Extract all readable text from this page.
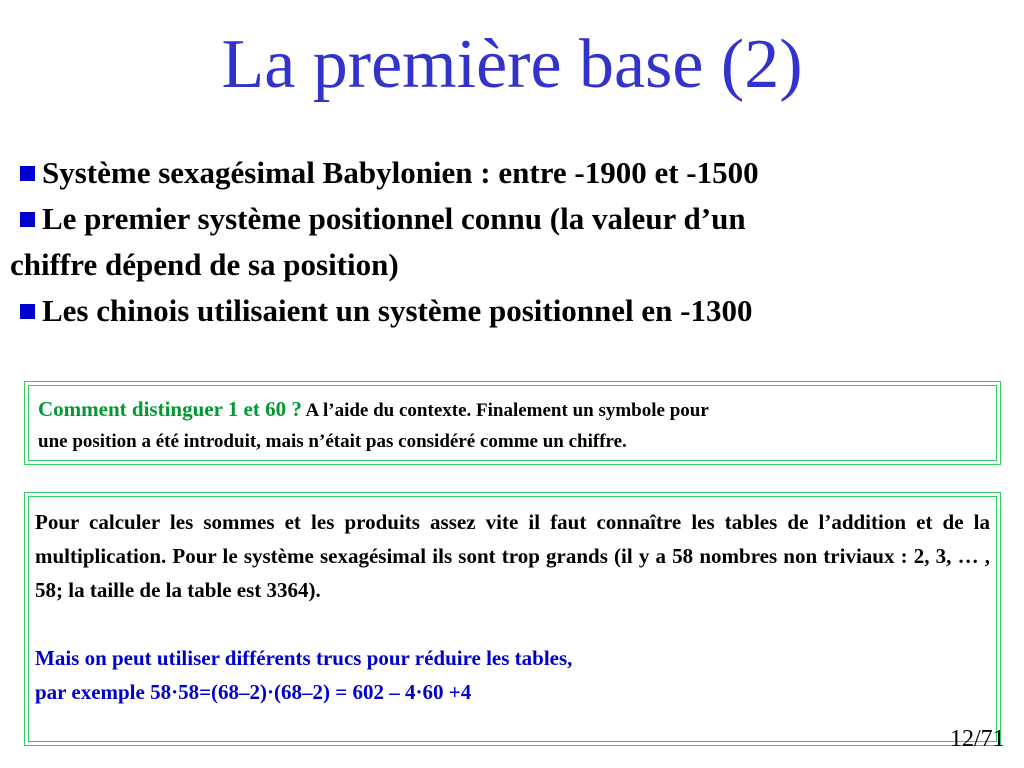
La première base (2)

Système sexagésimal Babylonien : entre -1900 et -1500

Le premier système positionnel connu (la valeur d’un
chiffre dépend de sa position)

Les chinois utilisaient un système positionnel en -1300

Comment distinguer 1 et 60 ? A l’aide du contexte. Finalement un symbole pour
une position a été introduit, mais n’était pas considéré comme un chiffre.

Pour calculer les sommes et les produits assez vite il faut connaître les tables de l’addition et de la multiplication. Pour le système sexagésimal ils sont trop grands (il y a 58 nombres non triviaux : 2, 3, … , 58; la taille de la table est 3364).

Mais on peut utiliser différents trucs pour réduire les tables,

par exemple 58·58=(68–2)·(68–2) = 602 – 4·60 +4

12/71
